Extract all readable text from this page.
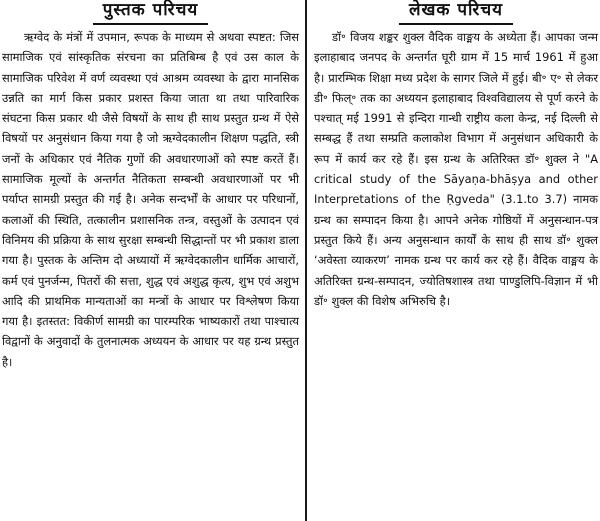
पुस्तक परिचय

ऋग्वेद के मंत्रों में उपमान, रूपक के माध्यम से अथवा स्पष्टत: जिस सामाजिक एवं सांस्कृतिक संरचना का प्रतिबिम्ब है एवं उस काल के सामाजिक परिवेश में वर्ण व्यवस्था एवं आश्रम व्यवस्था के द्वारा मानसिक उन्नति का मार्ग किस प्रकार प्रशस्त किया जाता था तथा पारिवारिक संघटना किस प्रकार थी जैसे विषयों के साथ ही साथ प्रस्तुत ग्रन्थ में ऐसे विषयों पर अनुसंधान किया गया है जो ऋग्वेदकालीन शिक्षण पद्धति, स्त्री जनों के अधिकार एवं नैतिक गुणों की अवधारणाओं को स्पष्ट करतें हैं। सामाजिक मूल्यों के अन्तर्गत नैतिकता सम्बन्धी अवधारणाओं पर भी पर्याप्त सामग्री प्रस्तुत की गई है। अनेक सन्दर्भों के आधार पर परिधानों, कलाओं की स्थिति, तत्कालीन प्रशासनिक तन्त्र, वस्तुओं के उत्पादन एवं विनिमय की प्रक्रिया के साथ सुरक्षा सम्बन्धी सिद्धान्तों पर भी प्रकाश डाला गया है। पुस्तक के अन्तिम दो अध्यायों में ऋग्वेदकालीन धार्मिक आचारों, कर्म एवं पुनर्जन्म, पितरों की सत्ता, शुद्ध एवं अशुद्ध कृत्य, शुभ एवं अशुभ आदि की प्राथमिक मान्यताओं का मन्त्रों के आधार पर विश्लेषण किया गया है। इतस्तत: विकीर्ण सामग्री का पारम्परिक भाष्यकारों तथा पाश्चात्य विद्वानों के अनुवादों के तुलनात्मक अध्ययन के आधार पर यह ग्रन्थ प्रस्तुत है।

लेखक परिचय

डॉ॰ विजय शङ्कर शुक्ल वैदिक वाङ्मय के अध्येता हैं। आपका जन्म इलाहाबाद जनपद के अन्तर्गत घूरी ग्राम में 15 मार्च 1961 में हुआ है। प्रारम्भिक शिक्षा मध्य प्रदेश के सागर जिले में हुई। बी॰ ए॰ से लेकर डी॰ फिल्॰ तक का अध्ययन इलाहाबाद विश्वविद्यालय से पूर्ण करने के पश्चात् मई 1991 से इन्दिरा गान्धी राष्ट्रीय कला केन्द्र, नई दिल्ली से सम्बद्ध हैं तथा सम्प्रति कलाकोश विभाग में अनुसंधान अधिकारी के रूप में कार्य कर रहे हैं। इस ग्रन्थ के अतिरिक्त डॉ॰ शुक्ल ने "A critical study of the Sāyaṇa-bhāṣya and other Interpretations of the Ṛgveda" (3.1.to 3.7) नामक ग्रन्थ का सम्पादन किया है। आपने अनेक गोष्ठियों में अनुसन्धान-पत्र प्रस्तुत किये हैं। अन्य अनुसन्धान कार्यों के साथ ही साथ डॉ॰ शुक्ल ‘अवेस्ता व्याकरण’ नामक ग्रन्थ पर कार्य कर रहे हैं। वैदिक वाङ्मय के अतिरिक्त ग्रन्थ-सम्पादन, ज्योतिषशास्त्र तथा पाण्डुलिपि-विज्ञान में भी डॉ॰ शुक्ल की विशेष अभिरुचि है।
